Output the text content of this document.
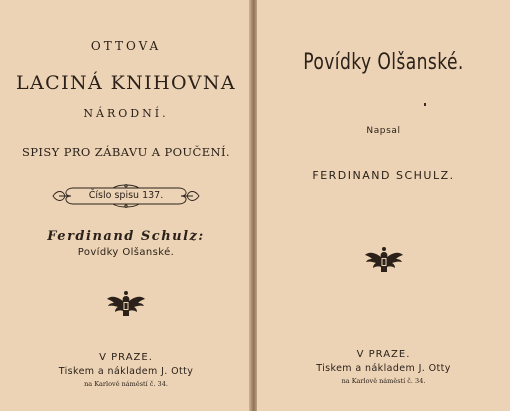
OTTOVA
LACINÁ KNIHOVNA
NÁRODNÍ.
SPISY PRO ZÁBAVU A POUČENÍ.
Číslo spisu 137.
Ferdinand Schulz:
Povídky Olšanské.
V PRAZE.
Tiskem a nákladem J. Otty
na Karlově náměstí č. 34.
Povídky Olšanské.
Napsal
FERDINAND SCHULZ.
V PRAZE.
Tiskem a nákladem J. Otty
na Karlově náměstí č. 34.
